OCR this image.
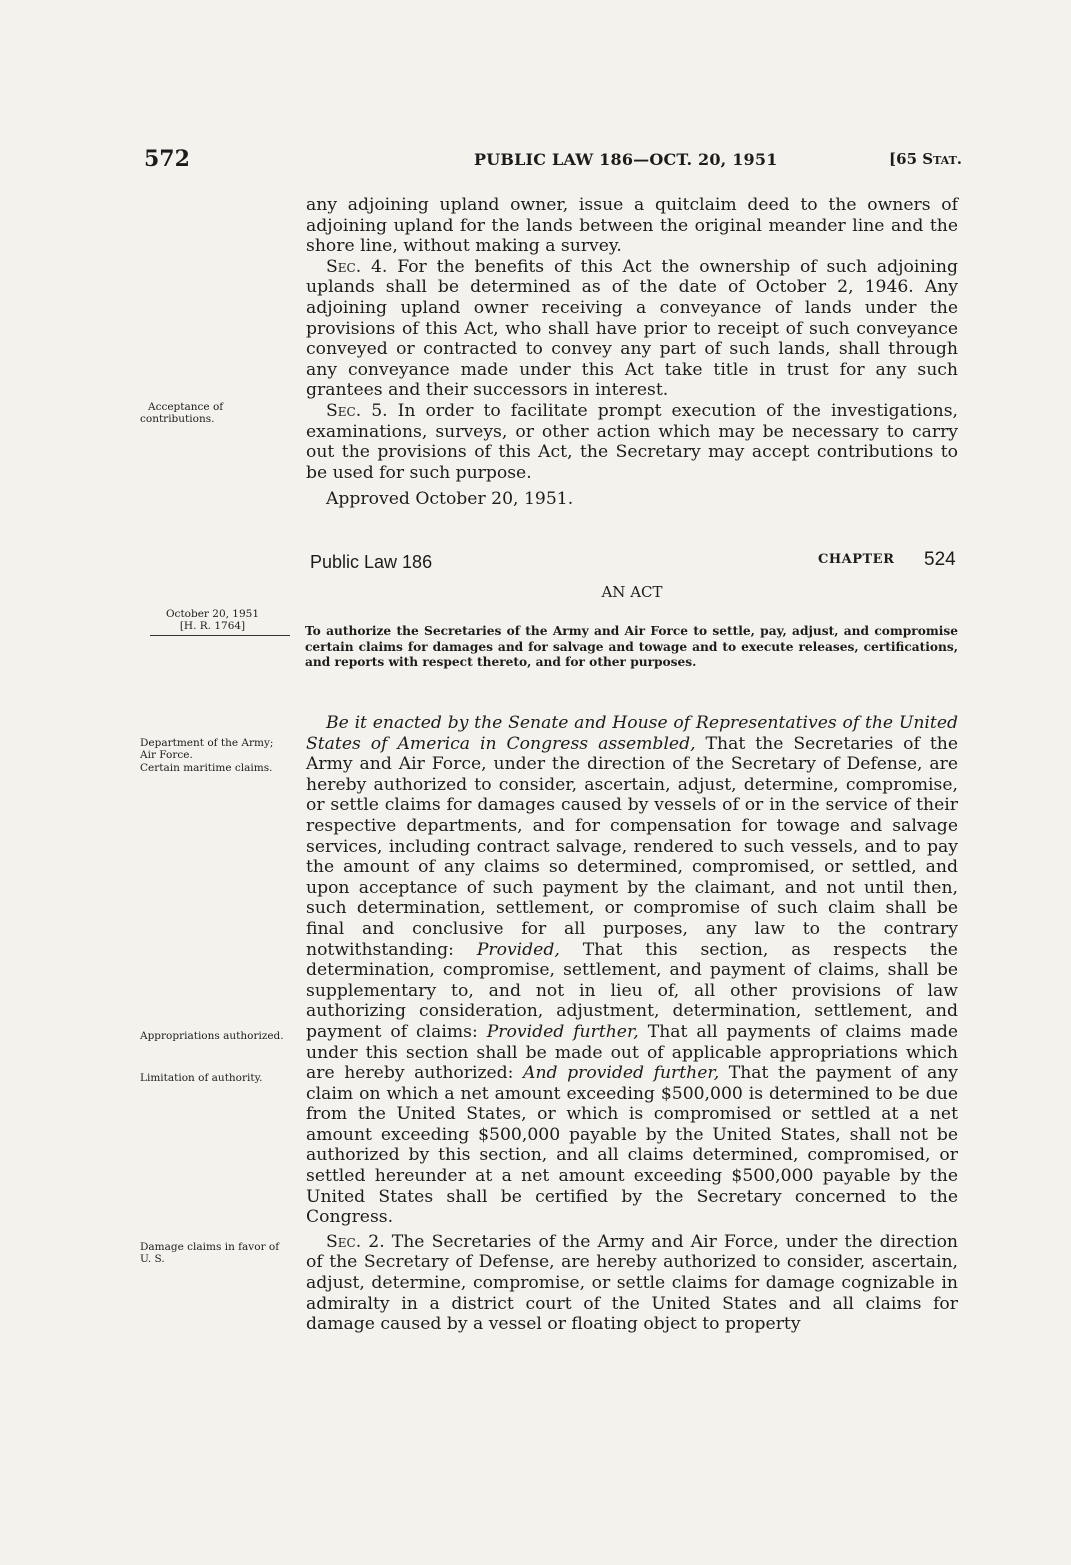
572	PUBLIC LAW 186—OCT. 20, 1951	[65 Stat.

any adjoining upland owner, issue a quitclaim deed to the owners of adjoining upland for the lands between the original meander line and the shore line, without making a survey.

Sec. 4. For the benefits of this Act the ownership of such adjoining uplands shall be determined as of the date of October 2, 1946. Any adjoining upland owner receiving a conveyance of lands under the provisions of this Act, who shall have prior to receipt of such conveyance conveyed or contracted to convey any part of such lands, shall through any conveyance made under this Act take title in trust for any such grantees and their successors in interest.

Sec. 5. In order to facilitate prompt execution of the investigations, examinations, surveys, or other action which may be necessary to carry out the provisions of this Act, the Secretary may accept contributions to be used for such purpose.

Approved October 20, 1951.

Acceptance of contributions.
Public Law 186	CHAPTER 524
AN ACT
October 20, 1951
[H. R. 1764]	To authorize the Secretaries of the Army and Air Force to settle, pay, adjust, and compromise certain claims for damages and for salvage and towage and to execute releases, certifications, and reports with respect thereto, and for other purposes.
Department of the Army; Air Force.
Certain maritime claims.
Appropriations authorized.
Limitation of authority.
Damage claims in favor of U. S.

Be it enacted by the Senate and House of Representatives of the United States of America in Congress assembled, That the Secretaries of the Army and Air Force, under the direction of the Secretary of Defense, are hereby authorized to consider, ascertain, adjust, determine, compromise, or settle claims for damages caused by vessels of or in the service of their respective departments, and for compensation for towage and salvage services, including contract salvage, rendered to such vessels, and to pay the amount of any claims so determined, compromised, or settled, and upon acceptance of such payment by the claimant, and not until then, such determination, settlement, or compromise of such claim shall be final and conclusive for all purposes, any law to the contrary notwithstanding: Provided, That this section, as respects the determination, compromise, settlement, and payment of claims, shall be supplementary to, and not in lieu of, all other provisions of law authorizing consideration, adjustment, determination, settlement, and payment of claims: Provided further, That all payments of claims made under this section shall be made out of applicable appropriations which are hereby authorized: And provided further, That the payment of any claim on which a net amount exceeding $500,000 is determined to be due from the United States, or which is compromised or settled at a net amount exceeding $500,000 payable by the United States, shall not be authorized by this section, and all claims determined, compromised, or settled hereunder at a net amount exceeding $500,000 payable by the United States shall be certified by the Secretary concerned to the Congress.

Sec. 2. The Secretaries of the Army and Air Force, under the direction of the Secretary of Defense, are hereby authorized to consider, ascertain, adjust, determine, compromise, or settle claims for damage cognizable in admiralty in a district court of the United States and all claims for damage caused by a vessel or floating object to property
